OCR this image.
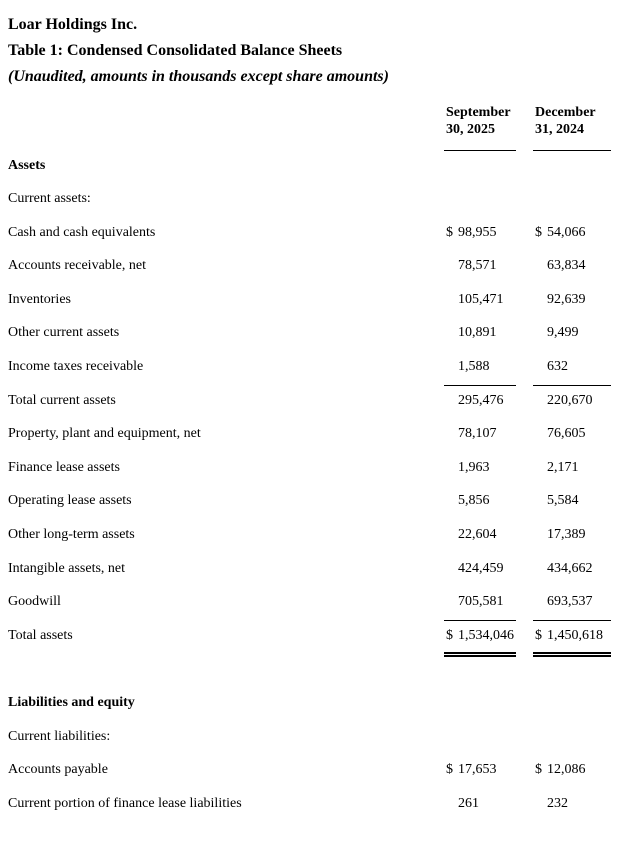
Loar Holdings Inc.
Table 1: Condensed Consolidated Balance Sheets
(Unaudited, amounts in thousands except share amounts)

September
30, 2025

December
31, 2024

Assets			
Current assets:			
Cash and cash equivalents	$ 98,955		$ 54,066
Accounts receivable, net	78,571		63,834
Inventories	105,471		92,639
Other current assets	10,891		9,499
Income taxes receivable	1,588		632
Total current assets	295,476		220,670
Property, plant and equipment, net	78,107		76,605
Finance lease assets	1,963		2,171
Operating lease assets	5,856		5,584
Other long-term assets	22,604		17,389
Intangible assets, net	424,459		434,662
Goodwill	705,581		693,537
Total assets	$ 1,534,046		$ 1,450,618

Liabilities and equity			
Current liabilities:			
Accounts payable	$ 17,653		$ 12,086
Current portion of finance lease liabilities	261		232
